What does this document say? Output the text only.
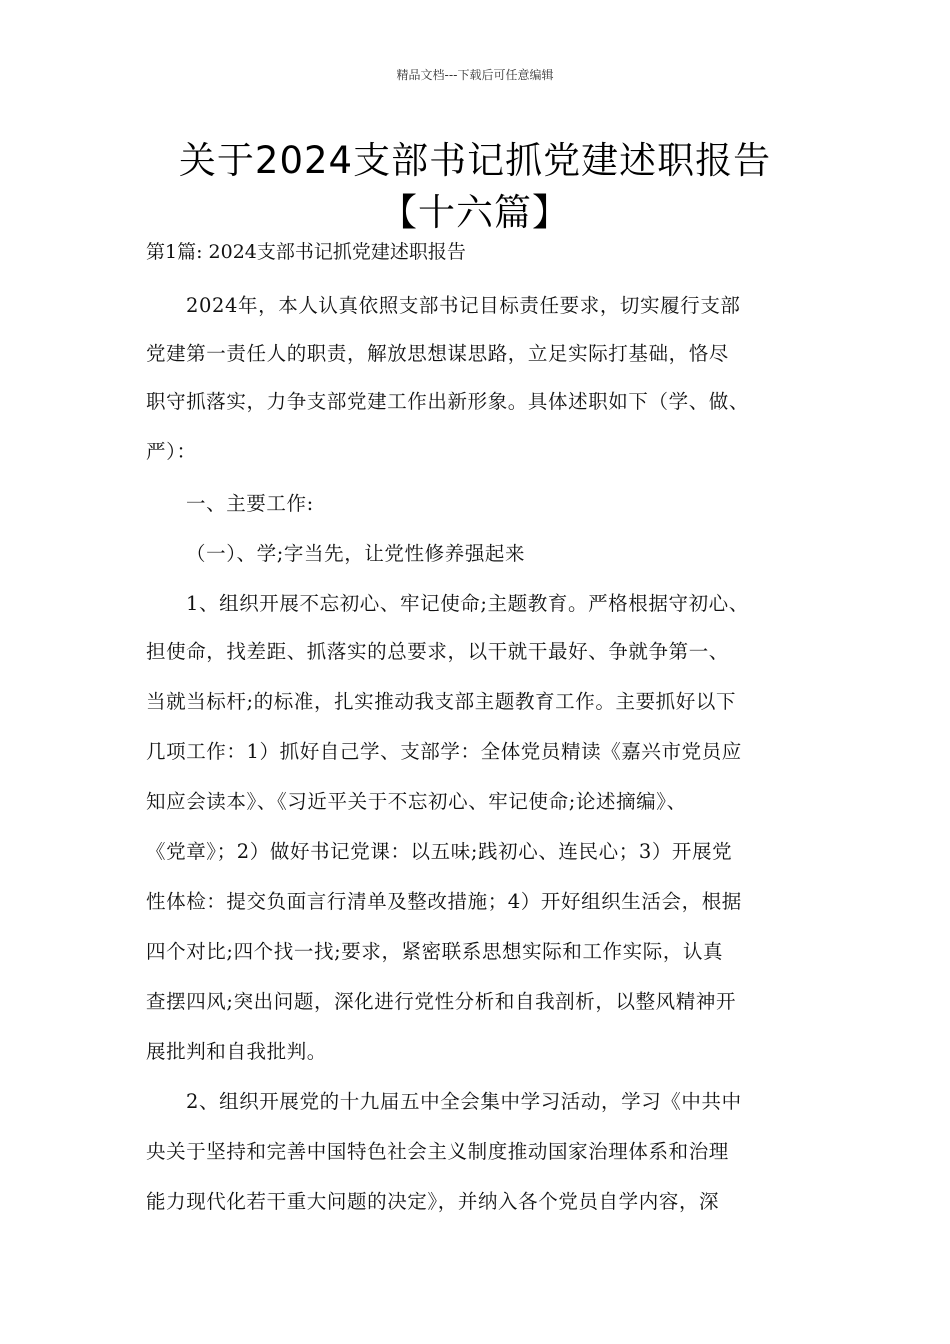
精品文档---下载后可任意编辑
关于2024支部书记抓党建述职报告
【十六篇】
第1篇: 2024支部书记抓党建述职报告
2024年，本人认真依照支部书记目标责任要求，切实履行支部
党建第一责任人的职责，解放思想谋思路，立足实际打基础，恪尽
职守抓落实，力争支部党建工作出新形象。具体述职如下（学、做、
严）：
一、主要工作:
（一）、学;字当先，让党性修养强起来
1、组织开展不忘初心、牢记使命;主题教育。严格根据守初心、
担使命，找差距、抓落实的总要求，以干就干最好、争就争第一、
当就当标杆;的标准，扎实推动我支部主题教育工作。主要抓好以下
几项工作：1）抓好自己学、支部学：全体党员精读《嘉兴市党员应
知应会读本》、《习近平关于不忘初心、牢记使命;论述摘编》、
《党章》；2）做好书记党课：以五味;践初心、连民心；3）开展党
性体检：提交负面言行清单及整改措施；4）开好组织生活会，根据
四个对比;四个找一找;要求，紧密联系思想实际和工作实际，认真
查摆四风;突出问题，深化进行党性分析和自我剖析，以整风精神开
展批判和自我批判。
2、组织开展党的十九届五中全会集中学习活动，学习《中共中
央关于坚持和完善中国特色社会主义制度推动国家治理体系和治理
能力现代化若干重大问题的决定》，并纳入各个党员自学内容，深
